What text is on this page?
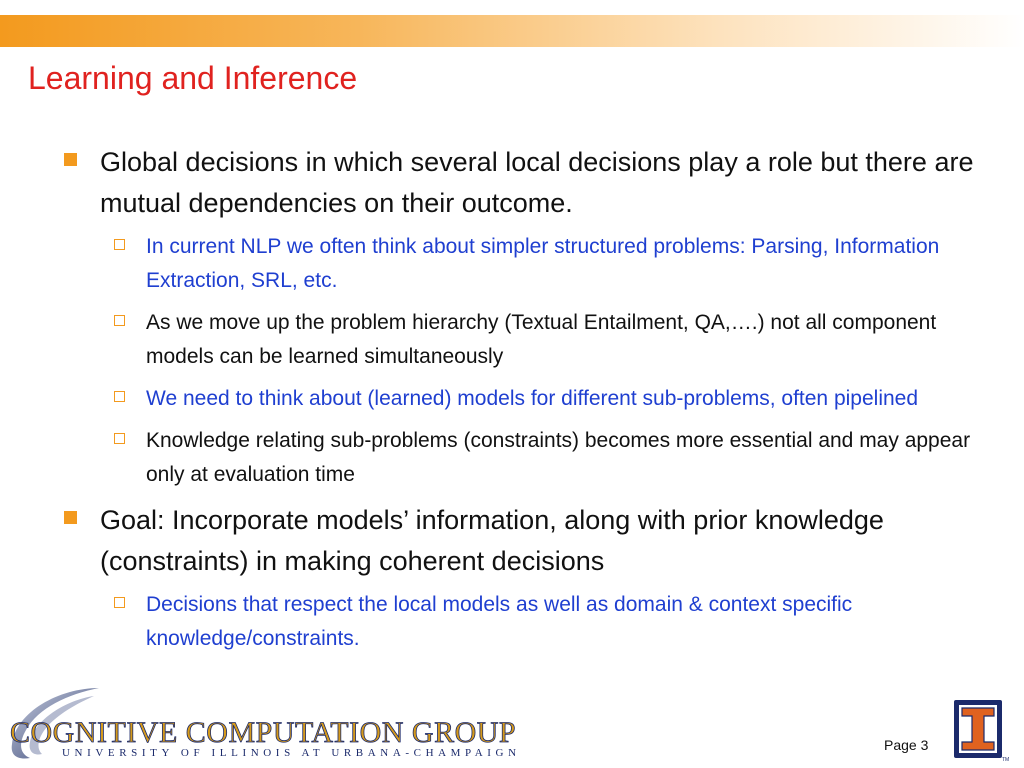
Learning and Inference
Global decisions in which several local decisions play a role but there are mutual dependencies on their outcome.
In current NLP we often think about simpler structured problems: Parsing, Information Extraction, SRL, etc.
As we move up the problem hierarchy (Textual Entailment, QA,….) not all component models can be learned simultaneously
We need to think about (learned) models for different sub-problems, often pipelined
Knowledge relating sub-problems (constraints) becomes more essential and may appear only at evaluation time
Goal: Incorporate models’ information, along with prior knowledge (constraints) in making coherent decisions
Decisions that respect the local models as well as domain & context specific knowledge/constraints.
COGNITIVE COMPUTATION GROUP
UNIVERSITY OF ILLINOIS AT URBANA-CHAMPAIGN	Page 3
TM
